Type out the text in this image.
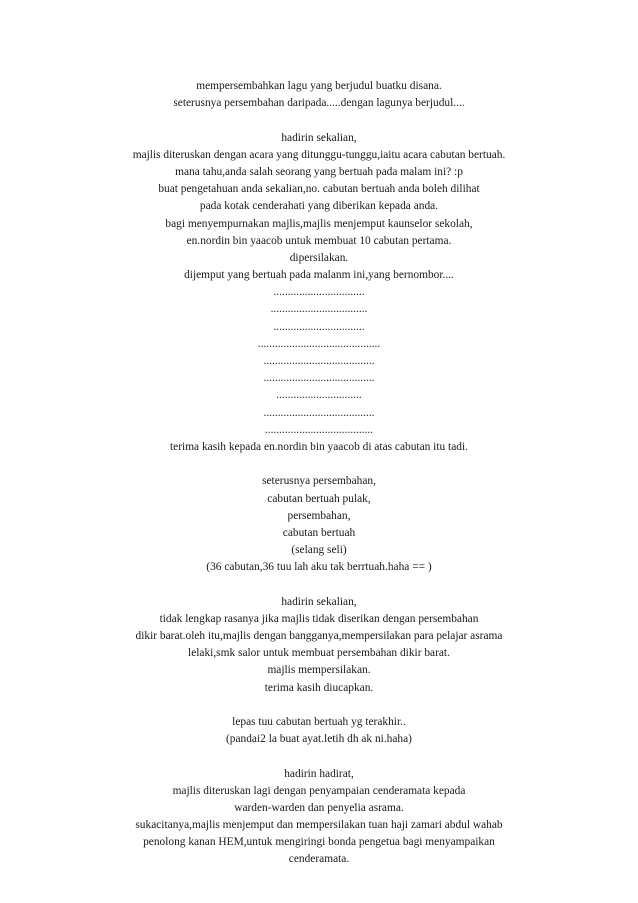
mempersembahkan lagu yang berjudul buatku disana.
seterusnya persembahan daripada.....dengan lagunya berjudul....
hadirin sekalian,
majlis diteruskan dengan acara yang ditunggu-tunggu,iaitu acara cabutan bertuah.
mana tahu,anda salah seorang yang bertuah pada malam ini? :p
buat pengetahuan anda sekalian,no. cabutan bertuah anda boleh dilihat
pada kotak cenderahati yang diberikan kepada anda.
bagi menyempurnakan majlis,majlis menjemput kaunselor sekolah,
en.nordin bin yaacob untuk membuat 10 cabutan pertama.
dipersilakan.
dijemput yang bertuah pada malanm ini,yang bernombor....
................................
..................................
................................
...........................................
.......................................
.......................................
..............................
.......................................
......................................
terima kasih kepada en.nordin bin yaacob di atas cabutan itu tadi.
seterusnya persembahan,
cabutan bertuah pulak,
persembahan,
cabutan bertuah
(selang seli)
(36 cabutan,36 tuu lah aku tak berrtuah.haha == )
hadirin sekalian,
tidak lengkap rasanya jika majlis tidak diserikan dengan persembahan
dikir barat.oleh itu,majlis dengan bangganya,mempersilakan para pelajar asrama
lelaki,smk salor untuk membuat persembahan dikir barat.
majlis mempersilakan.
terima kasih diucapkan.
lepas tuu cabutan bertuah yg terakhir..
(pandai2 la buat ayat.letih dh ak ni.haha)
hadirin hadirat,
majlis diteruskan lagi dengan penyampaian cenderamata kepada
warden-warden dan penyelia asrama.
sukacitanya,majlis menjemput dan mempersilakan tuan haji zamari abdul wahab
penolong kanan HEM,untuk mengiringi bonda pengetua bagi menyampaikan
cenderamata.
